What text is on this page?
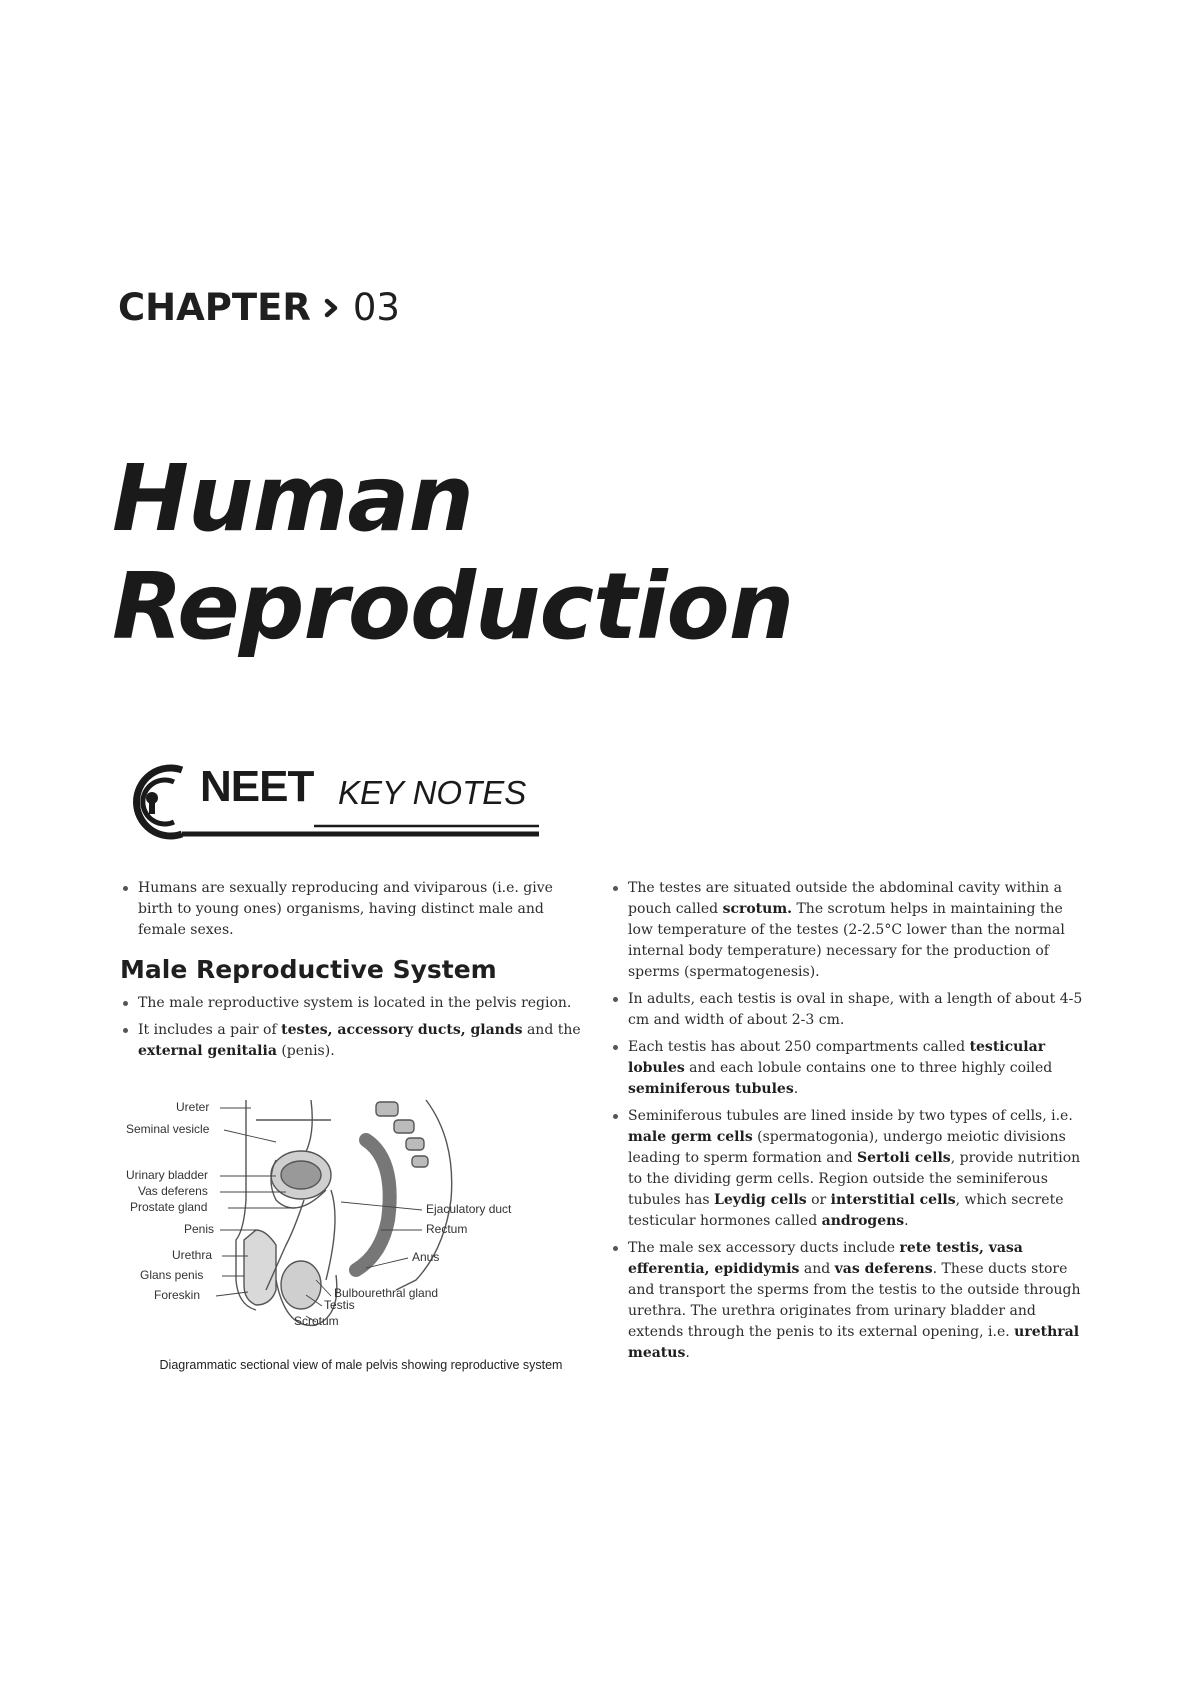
CHAPTER 03
Human
Reproduction
NEET KEY NOTES
Humans are sexually reproducing and viviparous (i.e. give birth to young ones) organisms, having distinct male and female sexes.
Male Reproductive System
The male reproductive system is located in the pelvis region.
It includes a pair of testes, accessory ducts, glands and the external genitalia (penis).
Ureter
Seminal vesicle
Urinary bladder
Vas deferens
Prostate gland
Penis
Urethra
Glans penis
Foreskin
Ejaculatory duct
Rectum
Anus
Bulbourethral gland
Testis
Scrotum
Diagrammatic sectional view of male pelvis showing reproductive system
The testes are situated outside the abdominal cavity within a pouch called scrotum. The scrotum helps in maintaining the low temperature of the testes (2-2.5°C lower than the normal internal body temperature) necessary for the production of sperms (spermatogenesis).
In adults, each testis is oval in shape, with a length of about 4-5 cm and width of about 2-3 cm.
Each testis has about 250 compartments called testicular lobules and each lobule contains one to three highly coiled seminiferous tubules.
Seminiferous tubules are lined inside by two types of cells, i.e. male germ cells (spermatogonia), undergo meiotic divisions leading to sperm formation and Sertoli cells, provide nutrition to the dividing germ cells. Region outside the seminiferous tubules has Leydig cells or interstitial cells, which secrete testicular hormones called androgens.
The male sex accessory ducts include rete testis, vasa efferentia, epididymis and vas deferens. These ducts store and transport the sperms from the testis to the outside through urethra. The urethra originates from urinary bladder and extends through the penis to its external opening, i.e. urethral meatus.
